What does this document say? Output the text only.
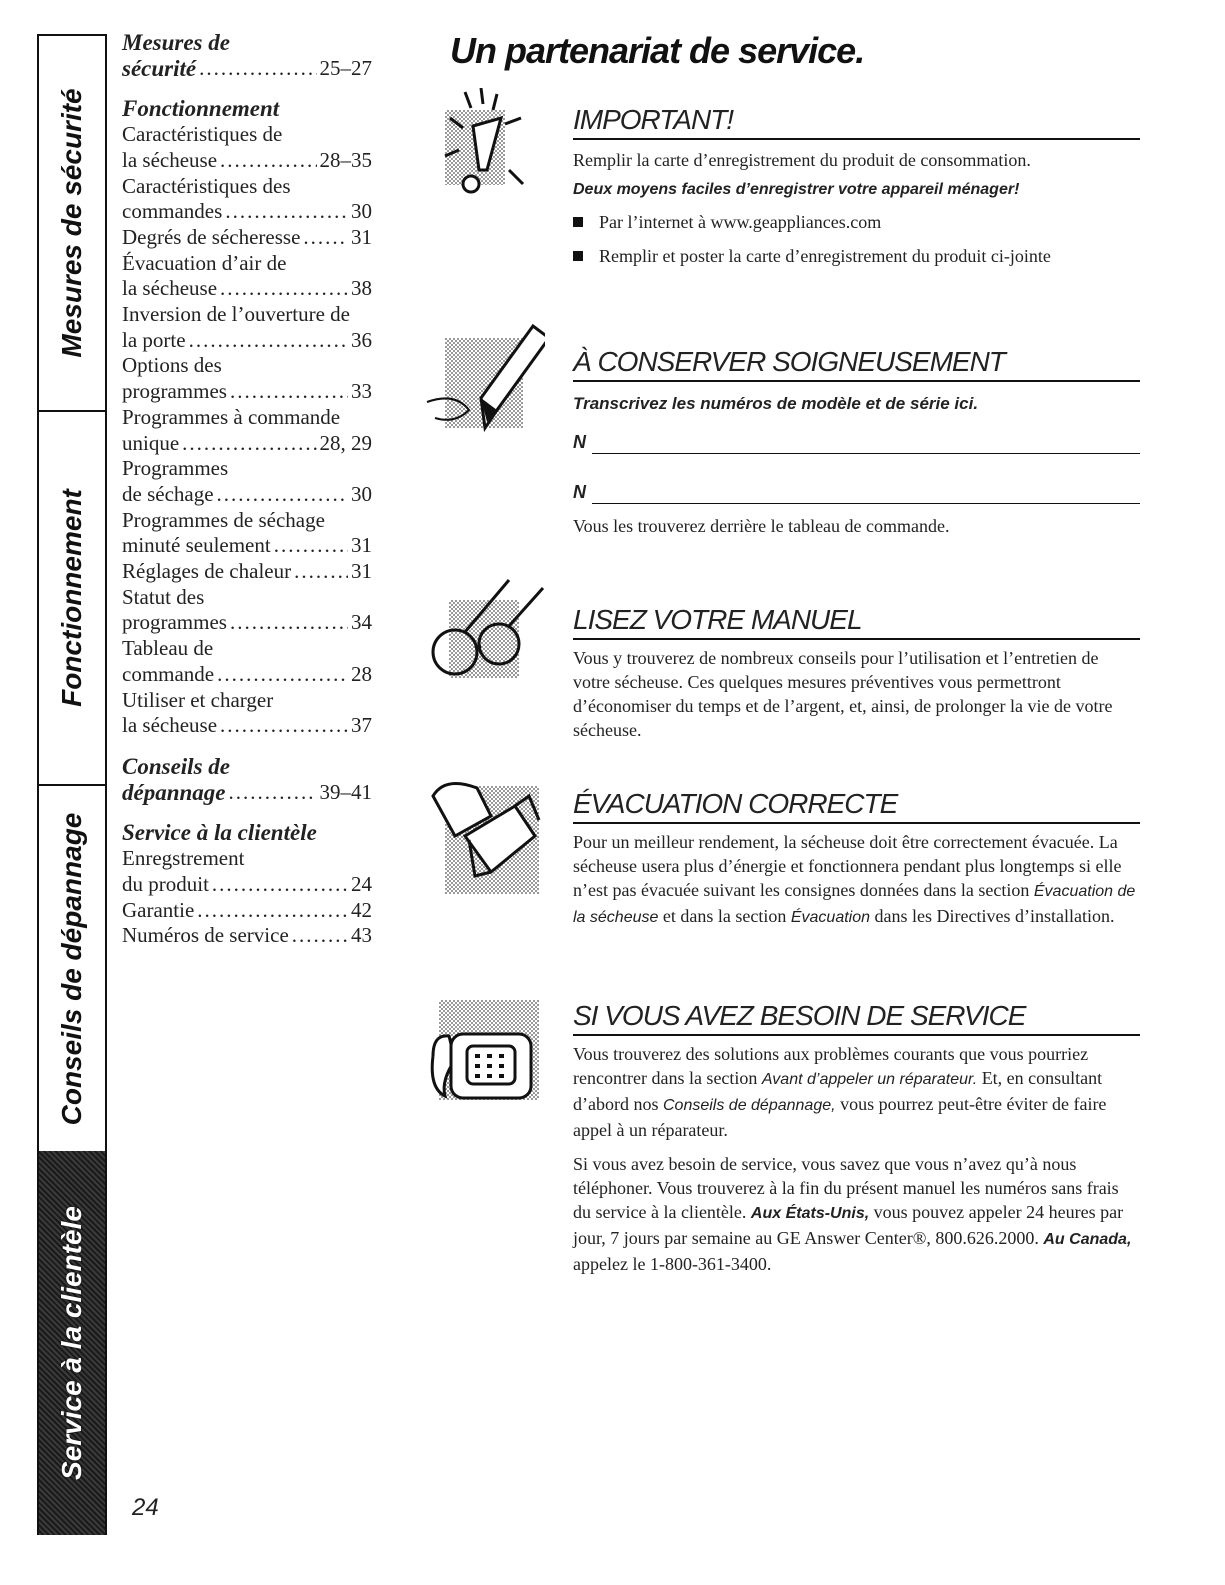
Mesures de sécurité
Fonctionnement
Conseils de dépannage
Service à la clientèle
Mesures de
sécurité .....	25–27
Fonctionnement
Caractéristiques de
la sécheuse .....	28–35
Caractéristiques des
commandes .....	30
Degrés de sécheresse ..... 31
Évacuation d’air de
la sécheuse .....	38
Inversion de l’ouverture de
la porte .....	36
Options des
programmes .....	33
Programmes à commande
unique .....	28, 29
Programmes
de séchage .....	30
Programmes de séchage
minuté seulement .....	31
Réglages de chaleur .....	31
Statut des
programmes .....	34
Tableau de
commande .....	28
Utiliser et charger
la sécheuse .....	37
Conseils de
dépannage .....	39–41
Service à la clientèle
Enregstrement
du produit .....	24
Garantie .....	42
Numéros de service .....	43
24
Un partenariat de service.
IMPORTANT!
Remplir la carte d’enregistrement du produit de consommation.
Deux moyens faciles d’enregistrer votre appareil ménager!
Par l’internet à www.geappliances.com
Remplir et poster la carte d’enregistrement du produit ci-jointe
À CONSERVER SOIGNEUSEMENT
Transcrivez les numéros de modèle et de série ici.
N
N
Vous les trouverez derrière le tableau de commande.
LISEZ VOTRE MANUEL
Vous y trouverez de nombreux conseils pour l’utilisation et l’entretien de votre sécheuse. Ces quelques mesures préventives vous permettront d’économiser du temps et de l’argent, et, ainsi, de prolonger la vie de votre sécheuse.
ÉVACUATION CORRECTE
Pour un meilleur rendement, la sécheuse doit être correctement évacuée. La sécheuse usera plus d’énergie et fonctionnera pendant plus longtemps si elle n’est pas évacuée suivant les consignes données dans la section Évacuation de la sécheuse et dans la section Évacuation dans les Directives d’installation.
SI VOUS AVEZ BESOIN DE SERVICE
Vous trouverez des solutions aux problèmes courants que vous pourriez rencontrer dans la section Avant d’appeler un réparateur. Et, en consultant d’abord nos Conseils de dépannage, vous pourrez peut-être éviter de faire appel à un réparateur.
Si vous avez besoin de service, vous savez que vous n’avez qu’à nous téléphoner. Vous trouverez à la fin du présent manuel les numéros sans frais du service à la clientèle. Aux États-Unis, vous pouvez appeler 24 heures par jour, 7 jours par semaine au GE Answer Center®, 800.626.2000. Au Canada, appelez le 1-800-361-3400.
